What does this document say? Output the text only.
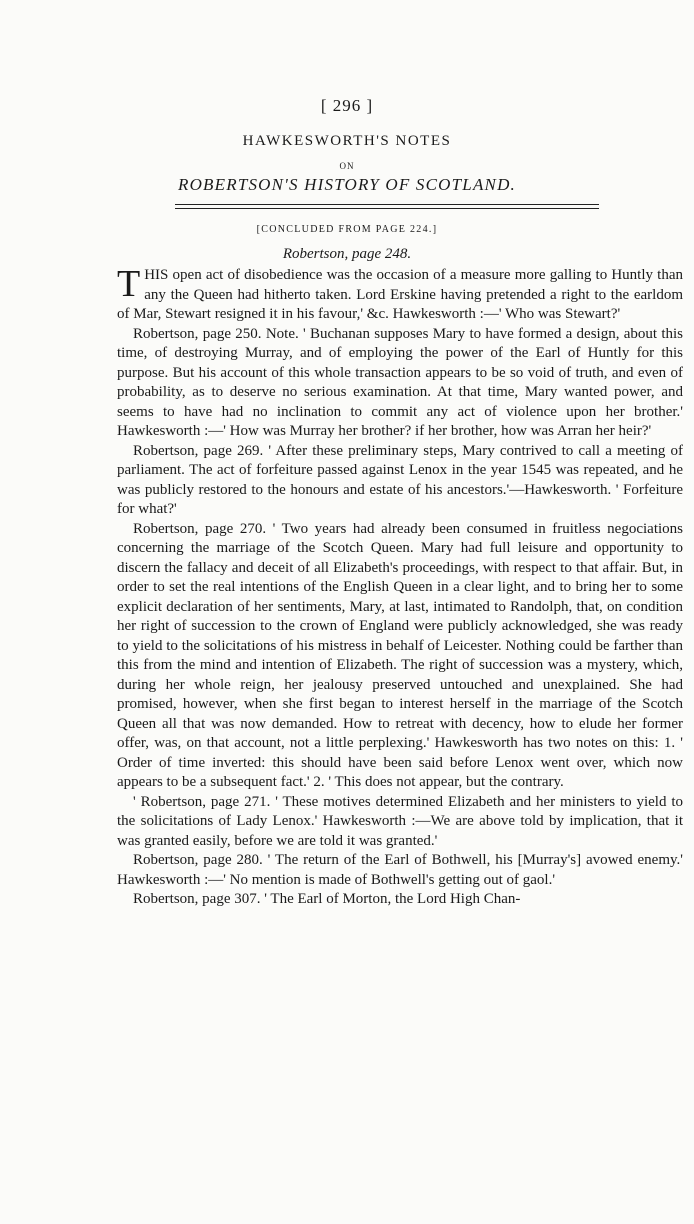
[ 296 ]
HAWKESWORTH'S NOTES
ON
ROBERTSON'S HISTORY OF SCOTLAND.
[CONCLUDED FROM PAGE 224.]
Robertson, page 248.

THIS open act of disobedience was the occasion of a measure more galling to Huntly than any the Queen had hitherto taken. Lord Erskine having pretended a right to the earldom of Mar, Stewart resigned it in his favour,' &c. Hawkesworth :—' Who was Stewart?'

Robertson, page 250. Note. ' Buchanan supposes Mary to have formed a design, about this time, of destroying Murray, and of employing the power of the Earl of Huntly for this purpose. But his account of this whole transaction appears to be so void of truth, and even of probability, as to deserve no serious examination. At that time, Mary wanted power, and seems to have had no inclination to commit any act of violence upon her brother.' Hawkesworth :—' How was Murray her brother? if her brother, how was Arran her heir?'

Robertson, page 269. ' After these preliminary steps, Mary contrived to call a meeting of parliament. The act of forfeiture passed against Lenox in the year 1545 was repeated, and he was publicly restored to the honours and estate of his ancestors.'—Hawkesworth. ' Forfeiture for what?'

Robertson, page 270. ' Two years had already been consumed in fruitless negociations concerning the marriage of the Scotch Queen. Mary had full leisure and opportunity to discern the fallacy and deceit of all Elizabeth's proceedings, with respect to that affair. But, in order to set the real intentions of the English Queen in a clear light, and to bring her to some explicit declaration of her sentiments, Mary, at last, intimated to Randolph, that, on condition her right of succession to the crown of England were publicly acknowledged, she was ready to yield to the solicitations of his mistress in behalf of Leicester. Nothing could be farther than this from the mind and intention of Elizabeth. The right of succession was a mystery, which, during her whole reign, her jealousy preserved untouched and unexplained. She had promised, however, when she first began to interest herself in the marriage of the Scotch Queen all that was now demanded. How to retreat with decency, how to elude her former offer, was, on that account, not a little perplexing.' Hawkesworth has two notes on this: 1. ' Order of time inverted: this should have been said before Lenox went over, which now appears to be a subsequent fact.' 2. ' This does not appear, but the contrary.

' Robertson, page 271. ' These motives determined Elizabeth and her ministers to yield to the solicitations of Lady Lenox.' Hawkesworth :—We are above told by implication, that it was granted easily, before we are told it was granted.'

Robertson, page 280. ' The return of the Earl of Bothwell, his [Murray's] avowed enemy.' Hawkesworth :—' No mention is made of Bothwell's getting out of gaol.'

Robertson, page 307. ' The Earl of Morton, the Lord High Chan-
